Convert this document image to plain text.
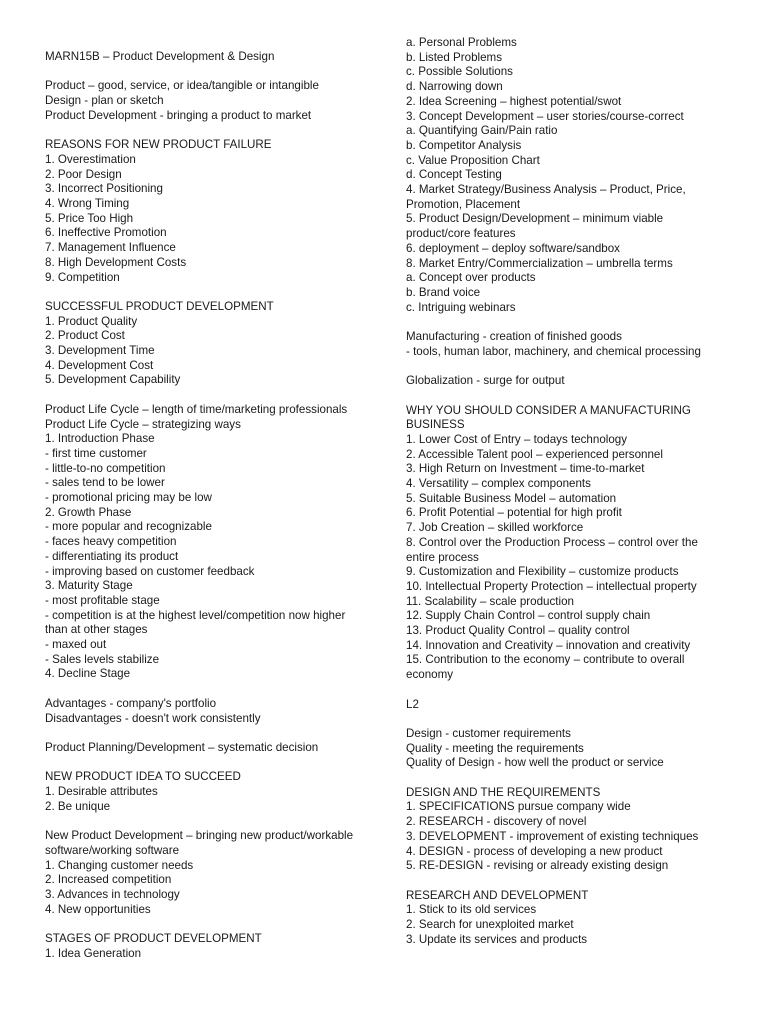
MARN15B – Product Development & Design
Product – good, service, or idea/tangible or intangible
Design - plan or sketch
Product Development - bringing a product to market
REASONS FOR NEW PRODUCT FAILURE
1. Overestimation
2. Poor Design
3. Incorrect Positioning
4. Wrong Timing
5. Price Too High
6. Ineffective Promotion
7. Management Influence
8. High Development Costs
9. Competition
SUCCESSFUL PRODUCT DEVELOPMENT
1. Product Quality
2. Product Cost
3. Development Time
4. Development Cost
5. Development Capability
Product Life Cycle – length of time/marketing professionals
Product Life Cycle – strategizing ways
1. Introduction Phase
- first time customer
- little-to-no competition
- sales tend to be lower
- promotional pricing may be low
2. Growth Phase
- more popular and recognizable
- faces heavy competition
- differentiating its product
- improving based on customer feedback
3. Maturity Stage
- most profitable stage
- competition is at the highest level/competition now higher than at other stages
- maxed out
- Sales levels stabilize
4. Decline Stage
Advantages - company's portfolio
Disadvantages - doesn't work consistently
Product Planning/Development – systematic decision
NEW PRODUCT IDEA TO SUCCEED
1. Desirable attributes
2. Be unique
New Product Development – bringing new product/workable software/working software
1. Changing customer needs
2. Increased competition
3. Advances in technology
4. New opportunities
STAGES OF PRODUCT DEVELOPMENT
1. Idea Generation
a. Personal Problems
b. Listed Problems
c. Possible Solutions
d. Narrowing down
2. Idea Screening – highest potential/swot
3. Concept Development – user stories/course-correct
a. Quantifying Gain/Pain ratio
b. Competitor Analysis
c. Value Proposition Chart
d. Concept Testing
4. Market Strategy/Business Analysis – Product, Price, Promotion, Placement
5. Product Design/Development – minimum viable product/core features
6. deployment – deploy software/sandbox
8. Market Entry/Commercialization – umbrella terms
a. Concept over products
b. Brand voice
c. Intriguing webinars
Manufacturing - creation of finished goods
- tools, human labor, machinery, and chemical processing
Globalization - surge for output
WHY YOU SHOULD CONSIDER A MANUFACTURING BUSINESS
1. Lower Cost of Entry – todays technology
2. Accessible Talent pool – experienced personnel
3. High Return on Investment – time-to-market
4. Versatility – complex components
5. Suitable Business Model – automation
6. Profit Potential – potential for high profit
7. Job Creation – skilled workforce
8. Control over the Production Process – control over the entire process
9. Customization and Flexibility – customize products
10. Intellectual Property Protection – intellectual property
11. Scalability – scale production
12. Supply Chain Control – control supply chain
13. Product Quality Control – quality control
14. Innovation and Creativity – innovation and creativity
15. Contribution to the economy – contribute to overall economy
L2
Design - customer requirements
Quality - meeting the requirements
Quality of Design - how well the product or service
DESIGN AND THE REQUIREMENTS
1. SPECIFICATIONS pursue company wide
2. RESEARCH - discovery of novel
3. DEVELOPMENT - improvement of existing techniques
4. DESIGN - process of developing a new product
5. RE-DESIGN - revising or already existing design
RESEARCH AND DEVELOPMENT
1. Stick to its old services
2. Search for unexploited market
3. Update its services and products
